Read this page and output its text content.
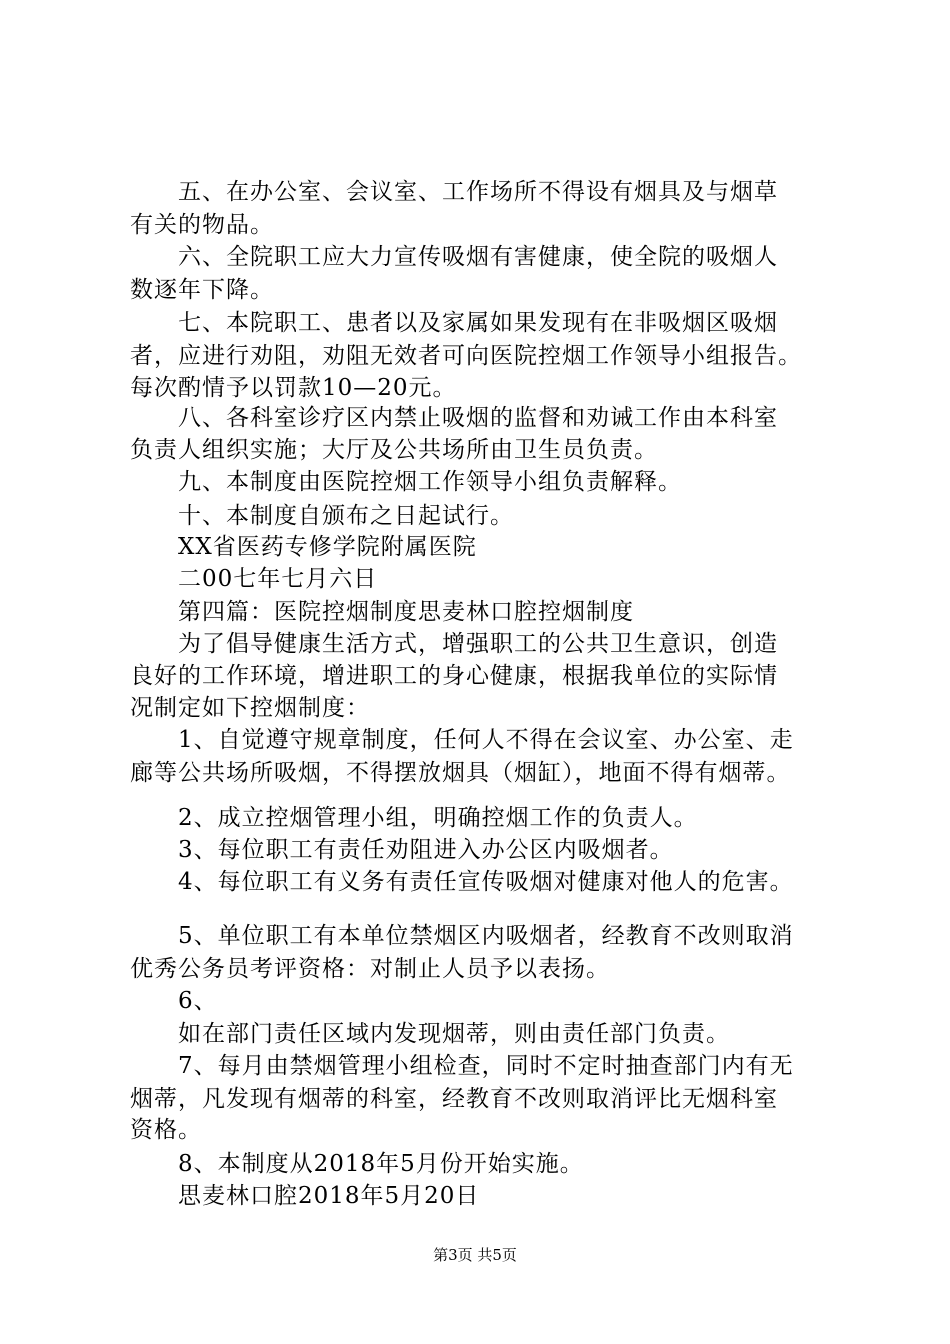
　　五、在办公室、会议室、工作场所不得设有烟具及与烟草
有关的物品。
　　六、全院职工应大力宣传吸烟有害健康，使全院的吸烟人
数逐年下降。
　　七、本院职工、患者以及家属如果发现有在非吸烟区吸烟
者，应进行劝阻，劝阻无效者可向医院控烟工作领导小组报告。
每次酌情予以罚款10—20元。
　　八、各科室诊疗区内禁止吸烟的监督和劝诫工作由本科室
负责人组织实施；大厅及公共场所由卫生员负责。
　　九、本制度由医院控烟工作领导小组负责解释。
　　十、本制度自颁布之日起试行。
　　XX省医药专修学院附属医院
　　二00七年七月六日
　　第四篇：医院控烟制度思麦林口腔控烟制度
　　为了倡导健康生活方式，增强职工的公共卫生意识，创造
良好的工作环境，增进职工的身心健康，根据我单位的实际情
况制定如下控烟制度：
　　1、自觉遵守规章制度，任何人不得在会议室、办公室、走
廊等公共场所吸烟，不得摆放烟具（烟缸），地面不得有烟蒂。
　　2、成立控烟管理小组，明确控烟工作的负责人。
　　3、每位职工有责任劝阻进入办公区内吸烟者。
　　4、每位职工有义务有责任宣传吸烟对健康对他人的危害。
　　5、单位职工有本单位禁烟区内吸烟者，经教育不改则取消
优秀公务员考评资格：对制止人员予以表扬。
　　6、
　　如在部门责任区域内发现烟蒂，则由责任部门负责。
　　7、每月由禁烟管理小组检查，同时不定时抽查部门内有无
烟蒂，凡发现有烟蒂的科室，经教育不改则取消评比无烟科室
资格。
　　8、本制度从2018年5月份开始实施。
　　思麦林口腔2018年5月20日
第3页 共5页
